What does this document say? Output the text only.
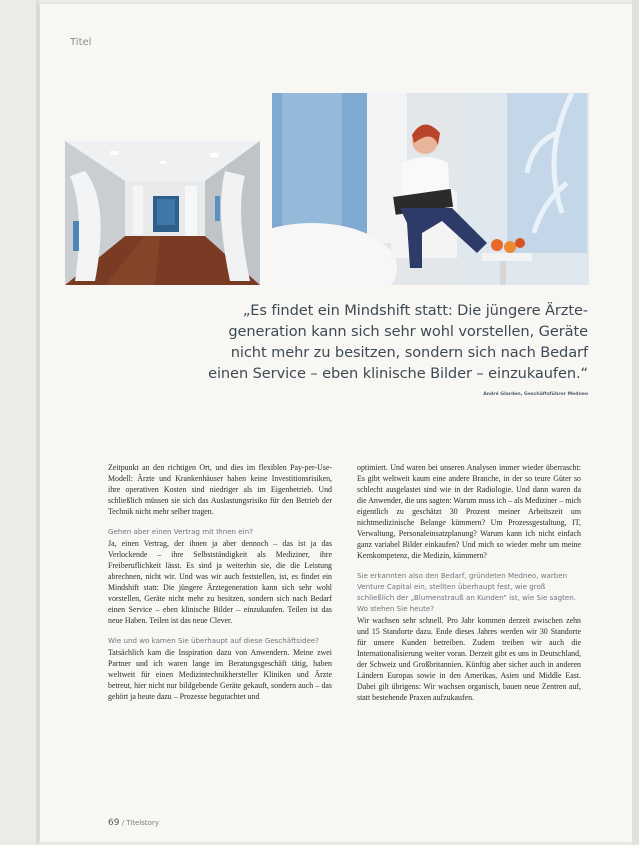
Titel
„Es findet ein Mindshift statt: Die jüngere Ärzte-
generation kann sich sehr wohl vorstellen, Geräte
nicht mehr zu besitzen, sondern sich nach Bedarf
einen Service – eben klinische Bilder – einzukaufen.“
André Glarden, Geschäftsführer Medneo

Zeitpunkt an den richtigen Ort, und dies im flexiblen Pay-per-Use-Modell: Ärzte und Krankenhäuser haben keine Investitionsrisiken, ihre operativen Kosten sind niedriger als im Eigenbetrieb. Und schließlich müssen sie sich das Auslastungsrisiko für den Betrieb der Technik nicht mehr selber tragen.

Gehen aber einen Vertrag mit Ihnen ein?

Ja, einen Vertrag, der ihnen ja aber dennoch – das ist ja das Verlockende – ihre Selbstständigkeit als Mediziner, ihre Freiberuflichkeit lässt. Es sind ja weiterhin sie, die die Leistung abrechnen, nicht wir. Und was wir auch feststellen, ist, es findet ein Mindshift statt: Die jüngere Ärztegeneration kann sich sehr wohl vorstellen, Geräte nicht mehr zu besitzen, sondern sich nach Bedarf einen Service – eben klinische Bilder – einzukaufen. Teilen ist das neue Haben. Teilen ist das neue Clever.

Wie und wo kamen Sie überhaupt auf diese Geschäftsidee?

Tatsächlich kam die Inspiration dazu von Anwendern. Meine zwei Partner und ich waren lange im Beratungsgeschäft tätig, haben weltweit für einen Medizintechnikhersteller Kliniken und Ärzte betreut, hier nicht nur bildgebende Geräte gekauft, sondern auch – das gehört ja heute dazu – Prozesse begutachtet und

optimiert. Und waren bei unseren Analysen immer wieder überrascht: Es gibt weltweit kaum eine andere Branche, in der so teure Güter so schlecht ausgelastet sind wie in der Radiologie. Und dann waren da die Anwender, die uns sagten: Warum muss ich – als Mediziner – mich eigentlich zu geschätzt 30 Prozent meiner Arbeitszeit um nichtmedizinische Belange kümmern? Um Prozessgestaltung, IT, Verwaltung, Personaleinsatzplanung? Warum kann ich nicht einfach ganz variabel Bilder einkaufen? Und mich so wieder mehr um meine Kernkompetenz, die Medizin, kümmern?

Sie erkannten also den Bedarf, gründeten Medneo, warben Venture Capital ein, stellten überhaupt fest, wie groß schließlich der „Blumenstrauß an Kunden“ ist, wie Sie sagten. Wo stehen Sie heute?

Wir wachsen sehr schnell. Pro Jahr kommen derzeit zwischen zehn und 15 Standorte dazu. Ende dieses Jahres werden wir 30 Standorte für unsere Kunden betreiben. Zudem treiben wir auch die Internationalisierung weiter voran. Derzeit gibt es uns in Deutschland, der Schweiz und Großbritannien. Künftig aber sicher auch in anderen Ländern Europas sowie in den Amerikas, Asien und Middle East. Dabei gilt übrigens: Wir wachsen organisch, bauen neue Zentren auf, statt bestehende Praxen aufzukaufen.

69 / Titelstory
